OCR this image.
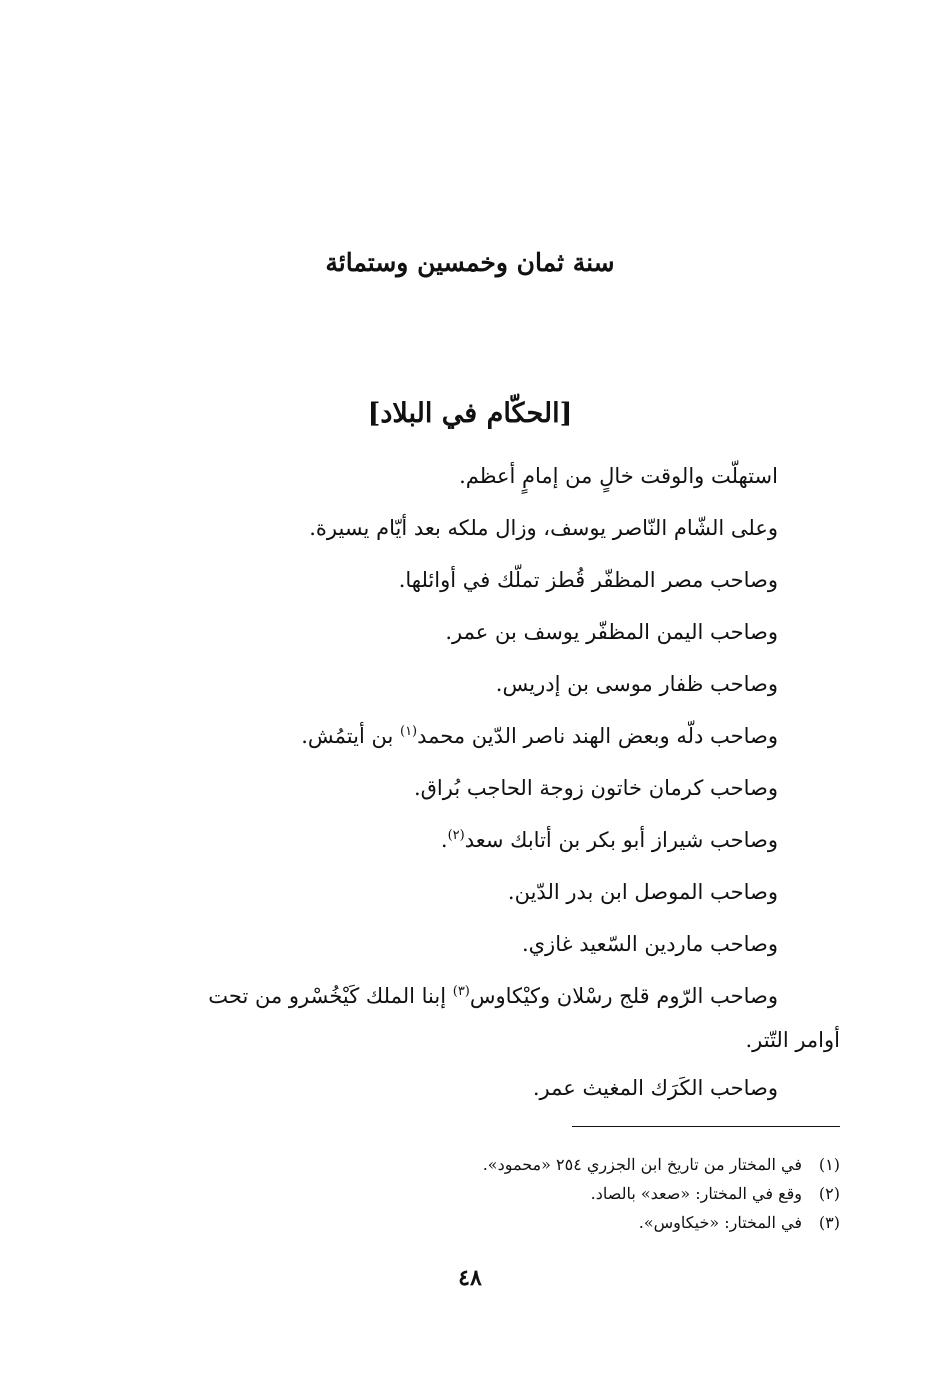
سنة ثمان وخمسين وستمائة
[الحكّام في البلاد]

استهلّت والوقت خالٍ من إمامٍ أعظم.

وعلى الشّام النّاصر يوسف، وزال ملكه بعد أيّام يسيرة.

وصاحب مصر المظفّر قُطز تملّك في أوائلها.

وصاحب اليمن المظفّر يوسف بن عمر.

وصاحب ظفار موسى بن إدريس.

وصاحب دلّه وبعض الهند ناصر الدّين محمد$^{(١)}$ بن أيتمُش.

وصاحب كرمان خاتون زوجة الحاجب بُراق.

وصاحب شيراز أبو بكر بن أتابك سعد$^{(٢)}$.

وصاحب الموصل ابن بدر الدّين.

وصاحب ماردين السّعيد غازي.

وصاحب الرّوم قلج رسْلان وكيْكاوس$^{(٣)}$ إبنا الملك كَيْخُسْرو من تحت

أوامر التّتر.

وصاحب الكَرَك المغيث عمر.

(١)في المختار من تاريخ ابن الجزري ٢٥٤ «محمود».

(٢)وقع في المختار: «صعد» بالصاد.

(٣)في المختار: «خيكاوس».

٤٨
